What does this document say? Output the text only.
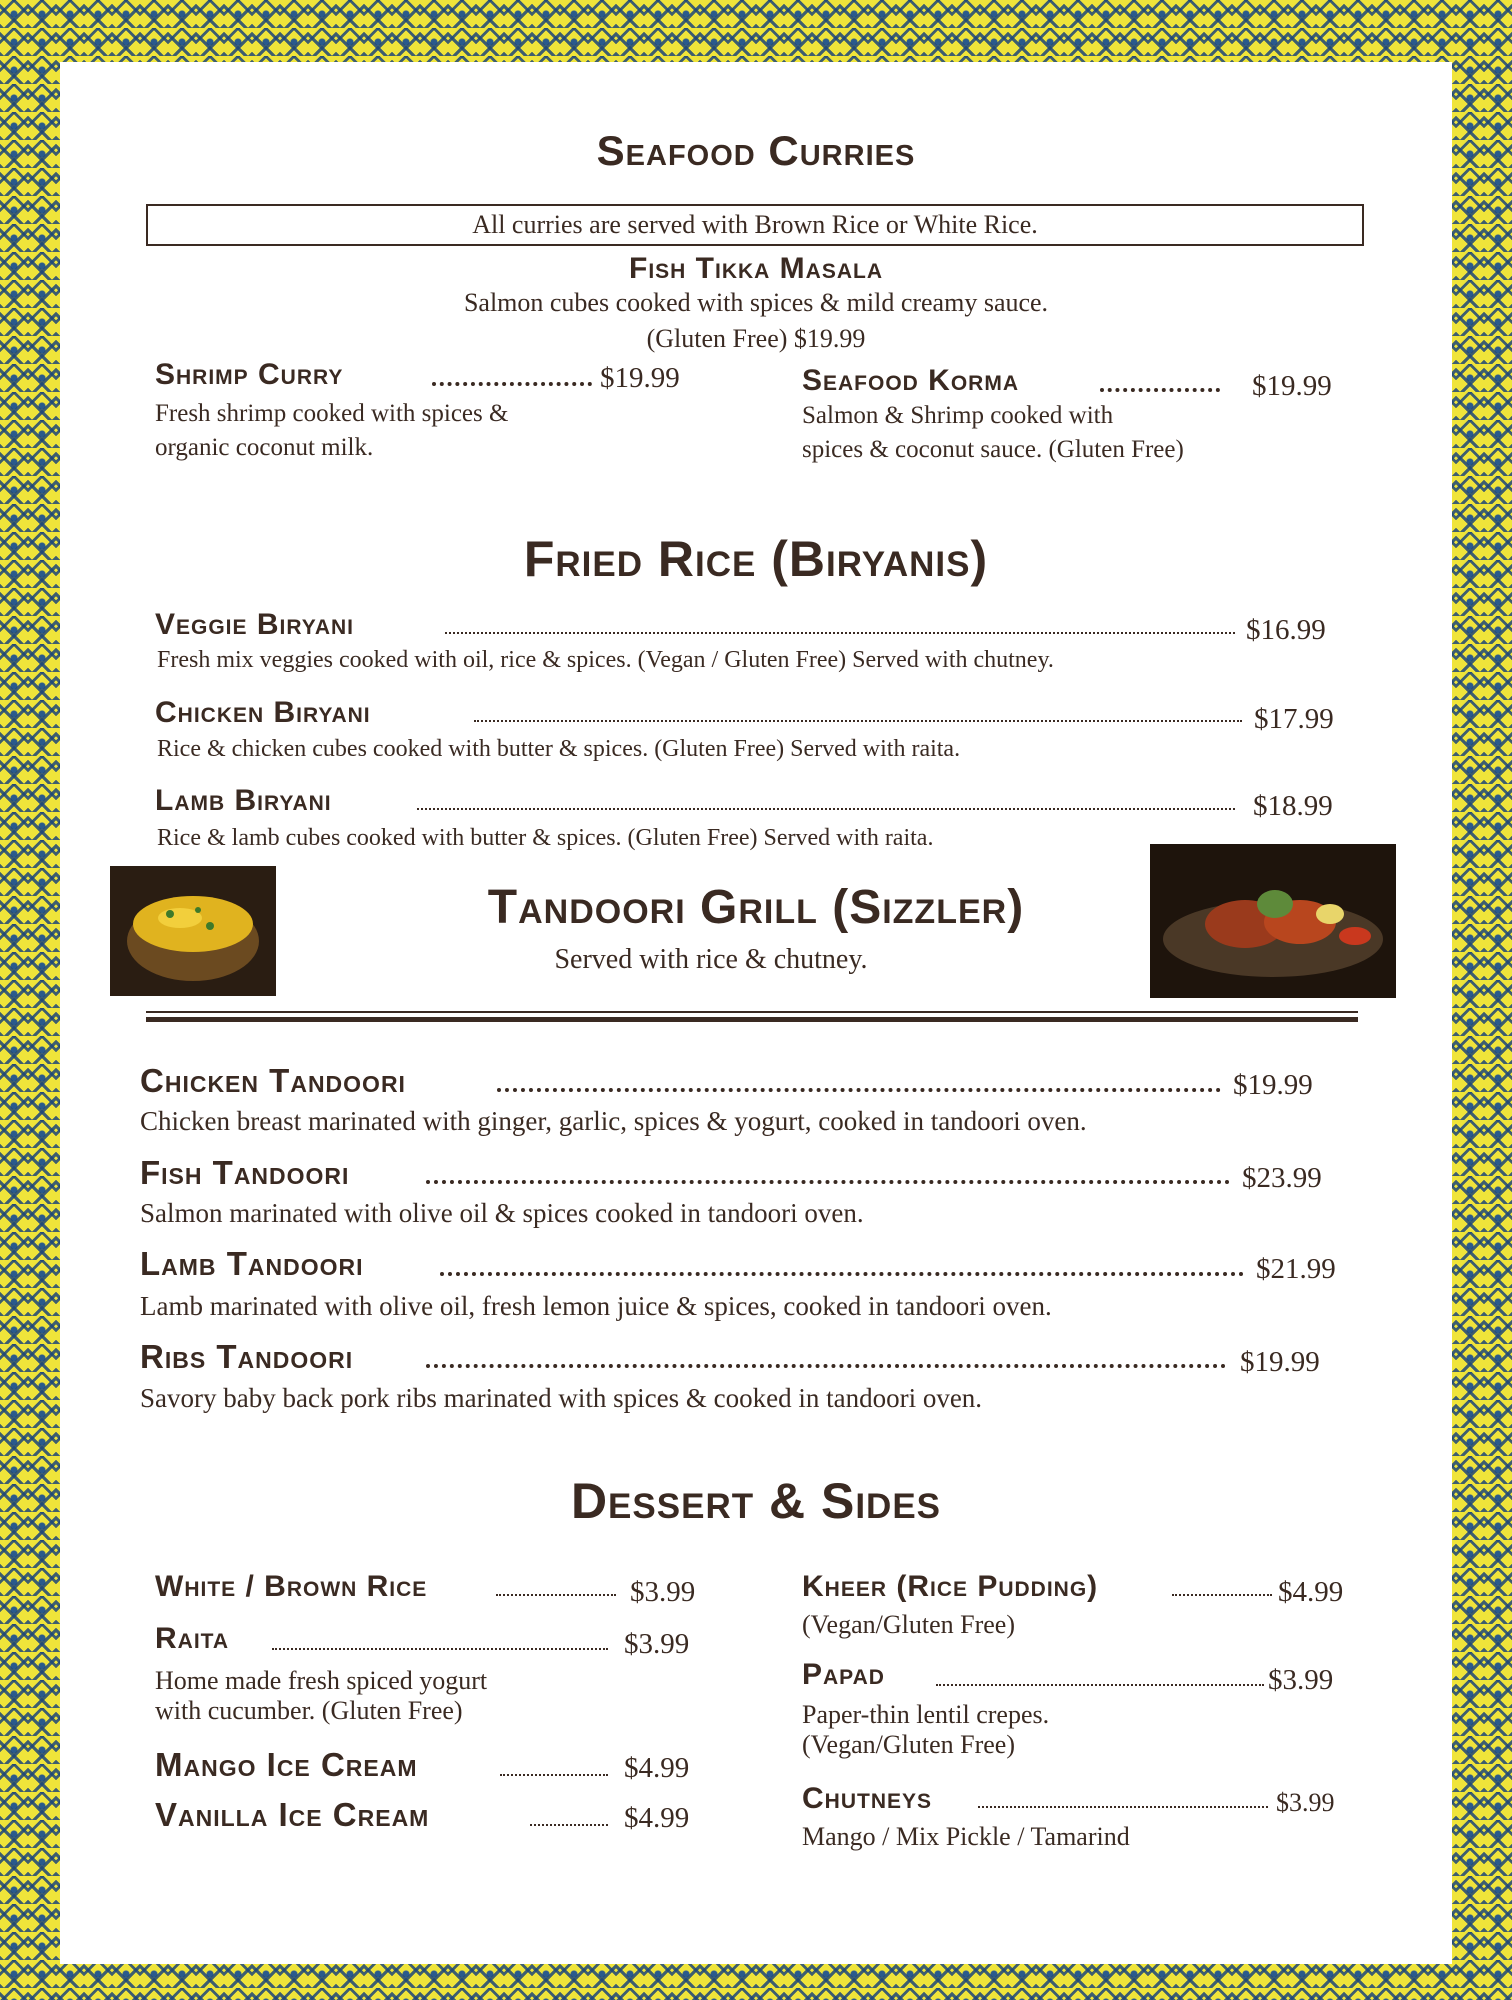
Seafood Curries
All curries are served with Brown Rice or White Rice.
Fish Tikka Masala
Salmon cubes cooked with spices & mild creamy sauce.
(Gluten Free) $19.99
Shrimp Curry	$19.99
Fresh shrimp cooked with spices &
organic coconut milk.
Seafood Korma	$19.99
Salmon & Shrimp cooked with
spices & coconut sauce. (Gluten Free)
Fried Rice (Biryanis)
Veggie Biryani	$16.99
Fresh mix veggies cooked with oil, rice & spices. (Vegan / Gluten Free) Served with chutney.
Chicken Biryani	$17.99
Rice & chicken cubes cooked with butter & spices. (Gluten Free) Served with raita.
Lamb Biryani	$18.99
Rice & lamb cubes cooked with butter & spices. (Gluten Free) Served with raita.
Tandoori Grill (Sizzler)
Served with rice & chutney.
Chicken Tandoori	$19.99
Chicken breast marinated with ginger, garlic, spices & yogurt, cooked in tandoori oven.
Fish Tandoori	$23.99
Salmon marinated with olive oil & spices cooked in tandoori oven.
Lamb Tandoori	$21.99
Lamb marinated with olive oil, fresh lemon juice & spices, cooked in tandoori oven.
Ribs Tandoori	$19.99
Savory baby back pork ribs marinated with spices & cooked in tandoori oven.
Dessert & Sides
White / Brown Rice	$3.99
Raita	$3.99
Home made fresh spiced yogurt
with cucumber. (Gluten Free)
Mango Ice Cream	$4.99
Vanilla Ice Cream	$4.99
Kheer (Rice Pudding)	$4.99
(Vegan/Gluten Free)
Papad	$3.99
Paper-thin lentil crepes.
(Vegan/Gluten Free)
Chutneys	$3.99
Mango / Mix Pickle / Tamarind
